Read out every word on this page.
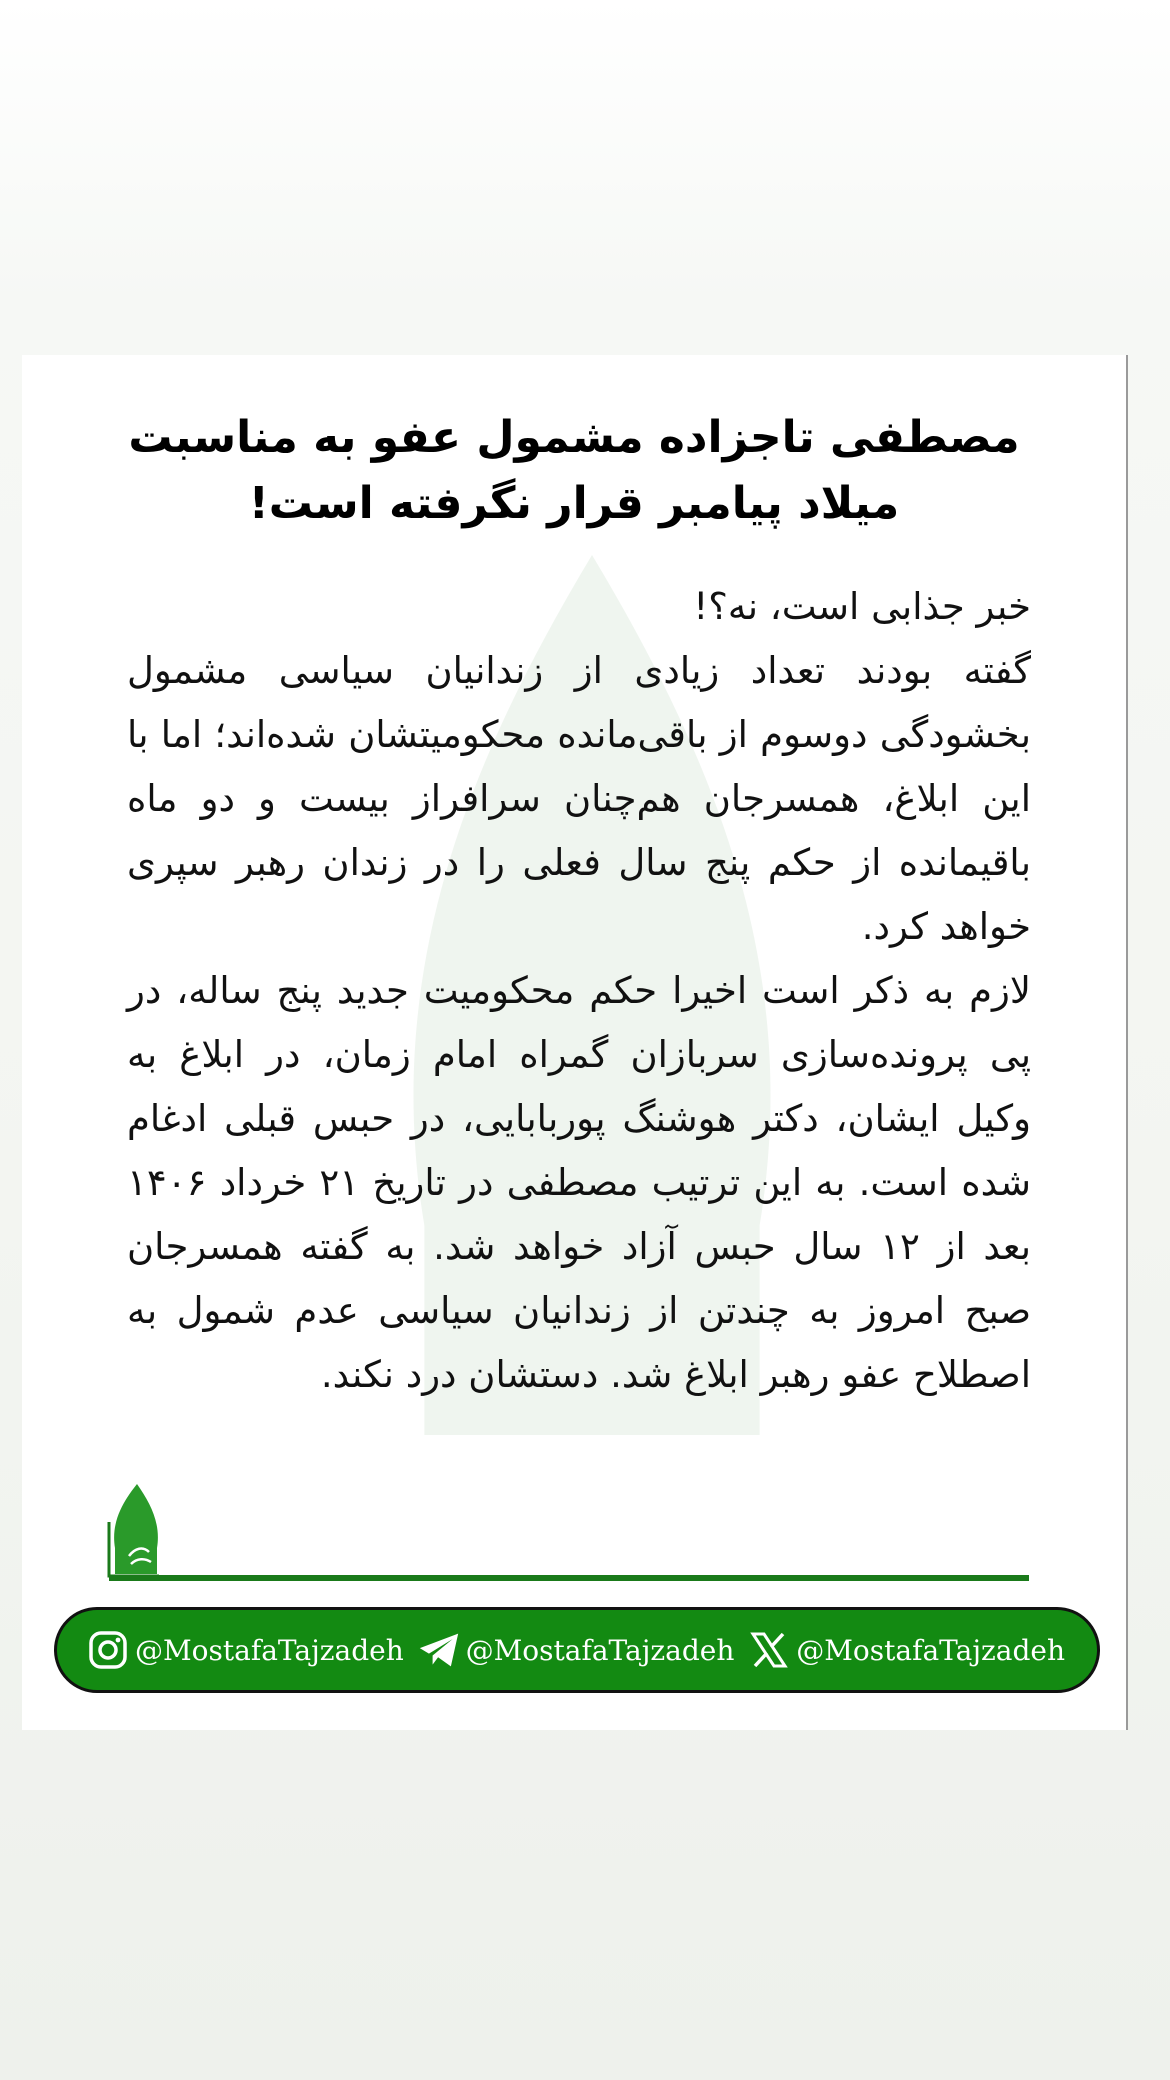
مصطفی تاجزاده مشمول عفو به مناسبت
میلاد پیامبر قرار نگرفته است!

خبر جذابی است، نه؟!

گفته بودند تعداد زیادی از زندانیان سیاسی مشمول بخشودگی دوسوم از باقی‌مانده محکومیتشان شده‌اند؛ اما با این ابلاغ، همسرجان هم‌چنان سرافراز بیست و دو ماه باقیمانده از حکم پنج سال فعلی را در زندان رهبر سپری خواهد کرد.

لازم به ذکر است اخیرا حکم محکومیت جدید پنج ساله، در پی پرونده‌سازی سربازان گمراه امام زمان، در ابلاغ به وکیل ایشان، دکتر هوشنگ پوربابایی، در حبس قبلی ادغام شده است. به این ترتیب مصطفی در تاریخ ۲۱ خرداد ۱۴۰۶ بعد از ۱۲ سال حبس آزاد خواهد شد. به گفته همسرجان صبح امروز به چندتن از زندانیان سیاسی عدم شمول به اصطلاح عفو رهبر ابلاغ شد. دستشان درد نکند.

@MostafaTajzadeh @MostafaTajzadeh @MostafaTajzadeh
